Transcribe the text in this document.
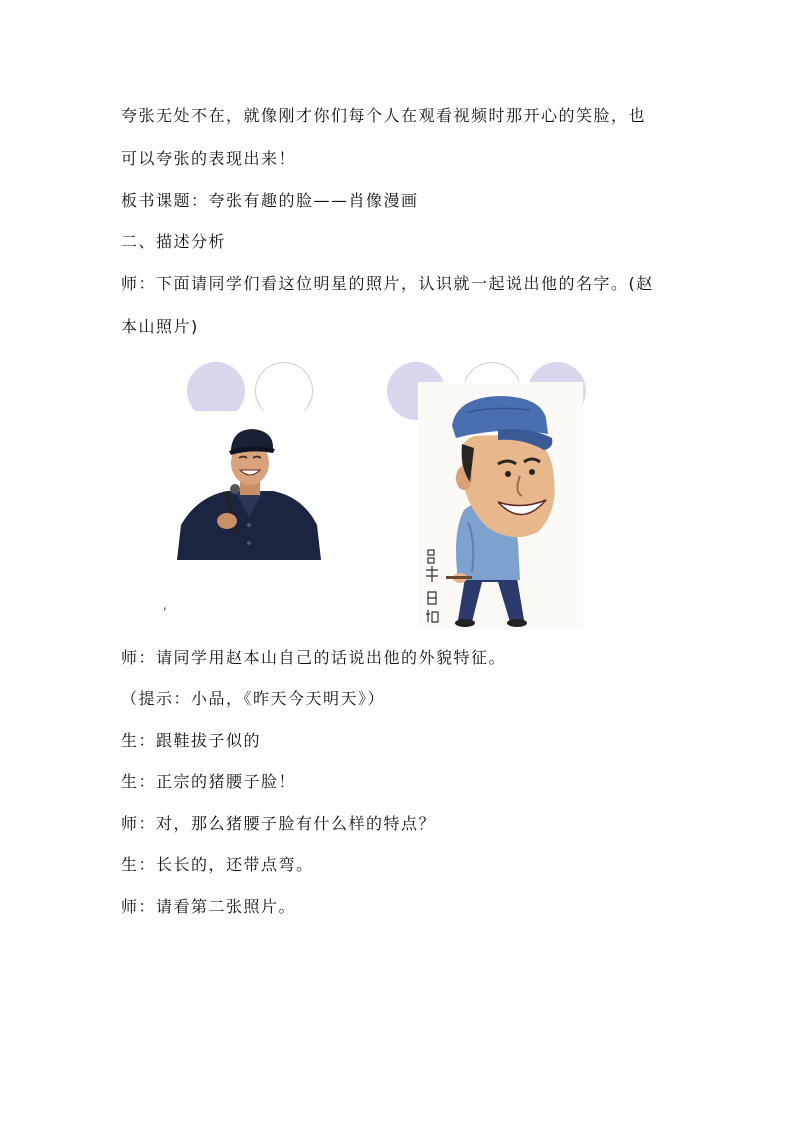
夸张无处不在，就像刚才你们每个人在观看视频时那开心的笑脸，也

可以夸张的表现出来！

板书课题：夸张有趣的脸——肖像漫画

二、描述分析

师：下面请同学们看这位明星的照片，认识就一起说出他的名字。(赵

本山照片)

,

师：请同学用赵本山自己的话说出他的外貌特征。

（提示：小品，《昨天今天明天》）

生：跟鞋拔子似的

生：正宗的猪腰子脸！

师：对，那么猪腰子脸有什么样的特点？

生：长长的，还带点弯。

师：请看第二张照片。
